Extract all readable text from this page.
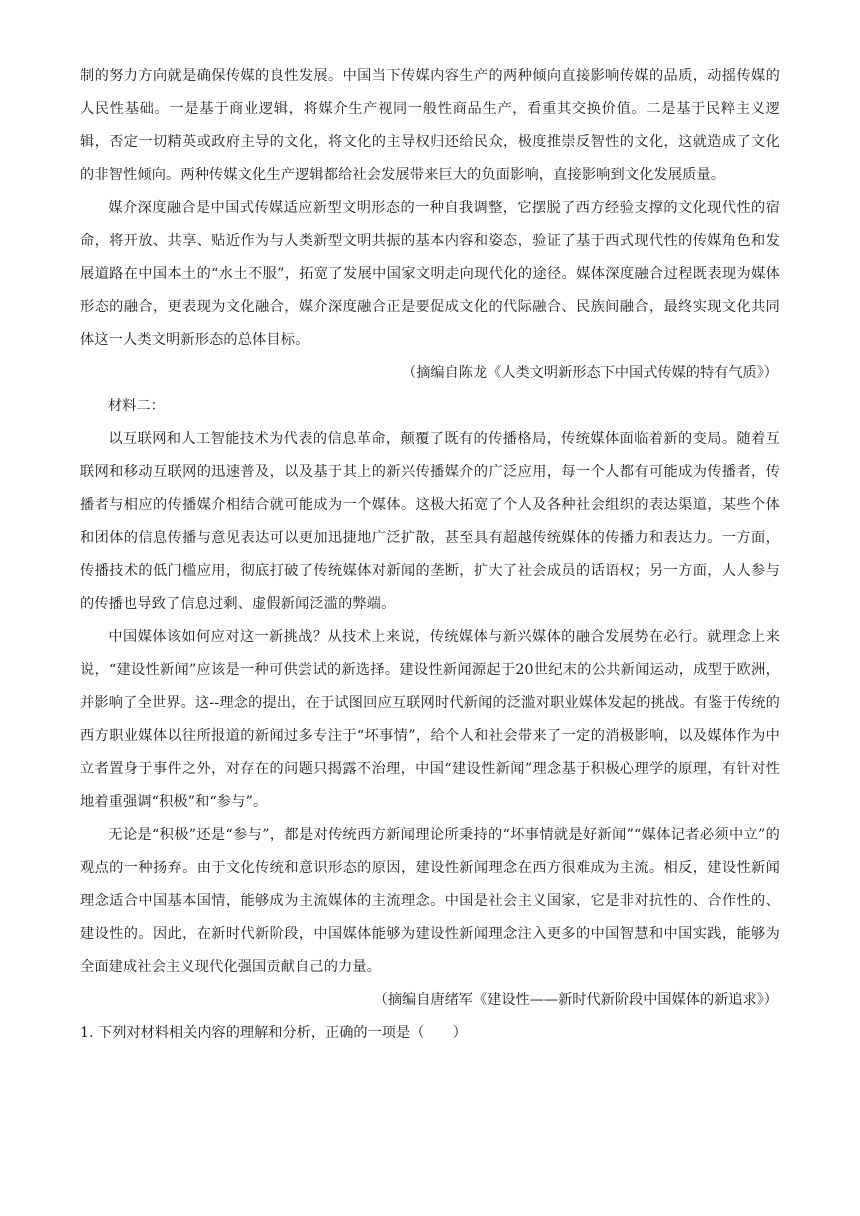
制的努力方向就是确保传媒的良性发展。中国当下传媒内容生产的两种倾向直接影响传媒的品质，动摇传媒的人民性基础。一是基于商业逻辑，将媒介生产视同一般性商品生产，看重其交换价值。二是基于民粹主义逻辑，否定一切精英或政府主导的文化，将文化的主导权归还给民众，极度推崇反智性的文化，这就造成了文化的非智性倾向。两种传媒文化生产逻辑都给社会发展带来巨大的负面影响，直接影响到文化发展质量。

媒介深度融合是中国式传媒适应新型文明形态的一种自我调整，它摆脱了西方经验支撑的文化现代性的宿命，将开放、共享、贴近作为与人类新型文明共振的基本内容和姿态，验证了基于西式现代性的传媒角色和发展道路在中国本土的“水土不服”，拓宽了发展中国家文明走向现代化的途径。媒体深度融合过程既表现为媒体形态的融合，更表现为文化融合，媒介深度融合正是要促成文化的代际融合、民族间融合，最终实现文化共同体这一人类文明新形态的总体目标。

（摘编自陈龙《人类文明新形态下中国式传媒的特有气质》）

材料二：

以互联网和人工智能技术为代表的信息革命，颠覆了既有的传播格局，传统媒体面临着新的变局。随着互联网和移动互联网的迅速普及，以及基于其上的新兴传播媒介的广泛应用，每一个人都有可能成为传播者，传播者与相应的传播媒介相结合就可能成为一个媒体。这极大拓宽了个人及各种社会组织的表达渠道，某些个体和团体的信息传播与意见表达可以更加迅捷地广泛扩散，甚至具有超越传统媒体的传播力和表达力。一方面，传播技术的低门槛应用，彻底打破了传统媒体对新闻的垄断，扩大了社会成员的话语权；另一方面，人人参与的传播也导致了信息过剩、虚假新闻泛滥的弊端。

中国媒体该如何应对这一新挑战？从技术上来说，传统媒体与新兴媒体的融合发展势在必行。就理念上来说，“建设性新闻”应该是一种可供尝试的新选择。建设性新闻源起于20世纪末的公共新闻运动，成型于欧洲，并影响了全世界。这--理念的提出，在于试图回应互联网时代新闻的泛滥对职业媒体发起的挑战。有鉴于传统的西方职业媒体以往所报道的新闻过多专注于“坏事情”，给个人和社会带来了一定的消极影响，以及媒体作为中立者置身于事件之外，对存在的问题只揭露不治理，中国“建设性新闻”理念基于积极心理学的原理，有针对性地着重强调“积极”和“参与”。

无论是“积极”还是“参与”，都是对传统西方新闻理论所秉持的“坏事情就是好新闻”“媒体记者必须中立”的观点的一种扬弃。由于文化传统和意识形态的原因，建设性新闻理念在西方很难成为主流。相反，建设性新闻理念适合中国基本国情，能够成为主流媒体的主流理念。中国是社会主义国家，它是非对抗性的、合作性的、建设性的。因此，在新时代新阶段，中国媒体能够为建设性新闻理念注入更多的中国智慧和中国实践，能够为全面建成社会主义现代化强国贡献自己的力量。

（摘编自唐绪军《建设性——新时代新阶段中国媒体的新追求》）

1. 下列对材料相关内容的理解和分析，正确的一项是（　　）
